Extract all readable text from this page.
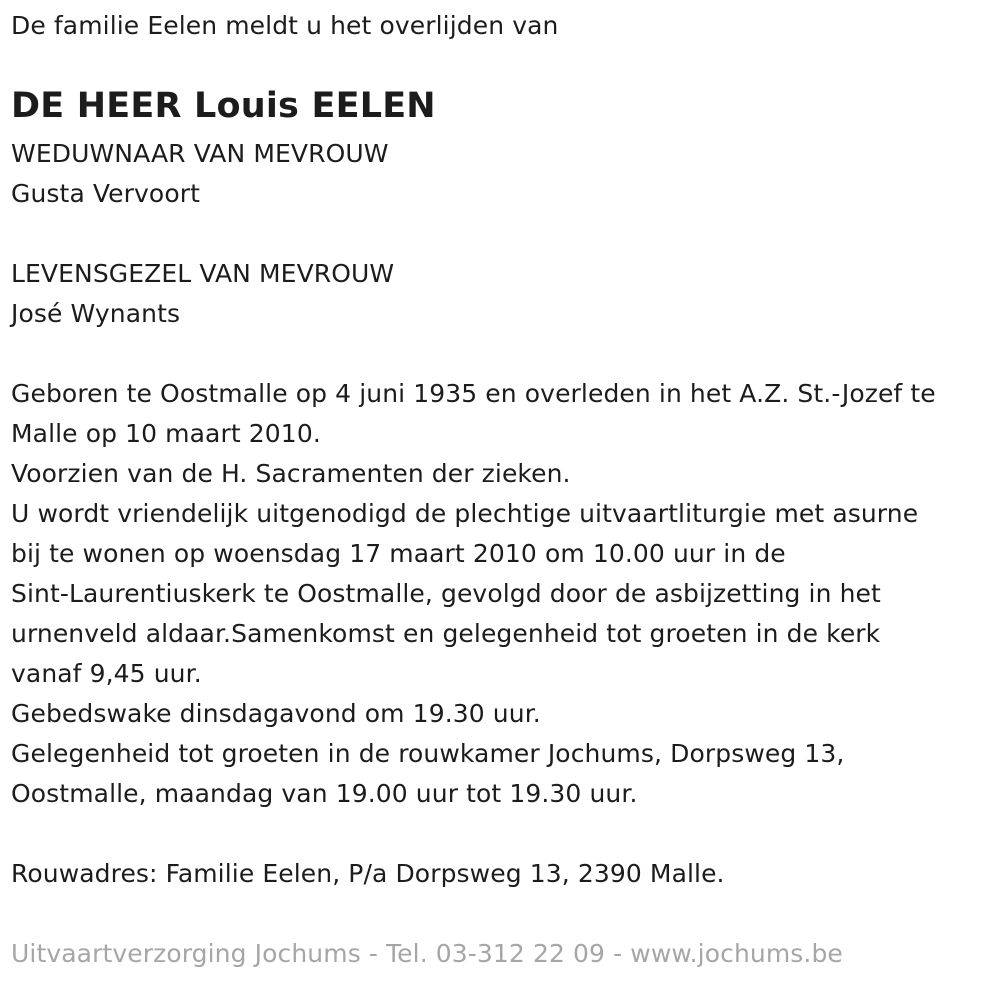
De familie Eelen meldt u het overlijden van
DE HEER Louis EELEN
WEDUWNAAR VAN MEVROUW
Gusta Vervoort
LEVENSGEZEL VAN MEVROUW
José Wynants
Geboren te Oostmalle op 4 juni 1935 en overleden in het A.Z. St.-Jozef te
Malle op 10 maart 2010.
Voorzien van de H. Sacramenten der zieken.
U wordt vriendelijk uitgenodigd de plechtige uitvaartliturgie met asurne
bij te wonen op woensdag 17 maart 2010 om 10.00 uur in de
Sint-Laurentiuskerk te Oostmalle, gevolgd door de asbijzetting in het
urnenveld aldaar.Samenkomst en gelegenheid tot groeten in de kerk
vanaf 9,45 uur.
Gebedswake dinsdagavond om 19.30 uur.
Gelegenheid tot groeten in de rouwkamer Jochums, Dorpsweg 13,
Oostmalle, maandag van 19.00 uur tot 19.30 uur.
Rouwadres: Familie Eelen, P/a Dorpsweg 13, 2390 Malle.
Uitvaartverzorging Jochums - Tel. 03-312 22 09 - www.jochums.be
